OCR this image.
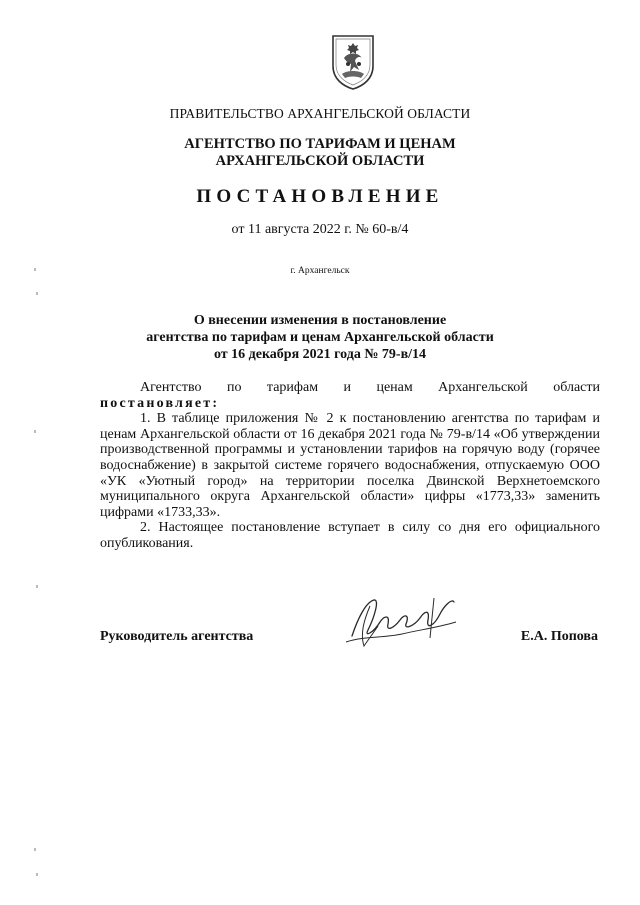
ПРАВИТЕЛЬСТВО АРХАНГЕЛЬСКОЙ ОБЛАСТИ
АГЕНТСТВО ПО ТАРИФАМ И ЦЕНАМ
АРХАНГЕЛЬСКОЙ ОБЛАСТИ
ПОСТАНОВЛЕНИЕ
от 11 августа 2022 г. № 60-в/4
г. Архангельск
О внесении изменения в постановление
агентства по тарифам и ценам Архангельской области
от 16 декабря 2021 года № 79-в/14

Агентство по тарифам и ценам Архангельской области

постановляет:

1. В таблице приложения № 2 к постановлению агентства по тарифам и ценам Архангельской области от 16 декабря 2021 года № 79-в/14 «Об утверждении производственной программы и установлении тарифов на горячую воду (горячее водоснабжение) в закрытой системе горячего водоснабжения, отпускаемую ООО «УК «Уютный город» на территории поселка Двинской Верхнетоемского муниципального округа Архангельской области» цифры «1773,33» заменить цифрами «1733,33».

2. Настоящее постановление вступает в силу со дня его официального опубликования.

Руководитель агентства	Е.А. Попова
